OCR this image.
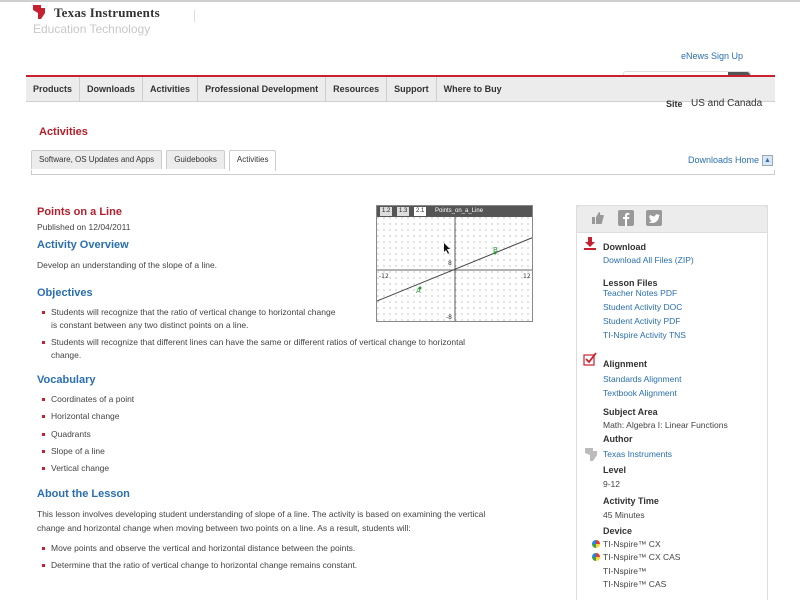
Texas Instruments
Education Technology
eNews Sign Up
Products	Downloads	Activities	Professional Development	Resources	Support	Where to Buy
Site US and Canada
Activities
Software, OS Updates and Apps	Guidebooks	Activities	Downloads Home ▲
Points on a Line
Published on 12/04/2011
Activity Overview
Develop an understanding of the slope of a line.
Objectives
Students will recognize that the ratio of vertical change to horizontal change
is constant between any two distinct points on a line.
Students will recognize that different lines can have the same or different ratios of vertical change to horizontal
change.
Vocabulary
Coordinates of a point
Horizontal change
Quadrants
Slope of a line
Vertical change
About the Lesson
This lesson involves developing student understanding of slope of a line. The activity is based on examining the vertical
change and horizontal change when moving between two points on a line. As a result, students will:
Move points and observe the vertical and horizontal distance between the points.
Determine that the ratio of vertical change to horizontal change remains constant.
1.2	1.3	2.1	Points_on_a_Line
A
B
-12	12
8
-8
Download
Download All Files (ZIP)
Lesson Files
Teacher Notes PDF
Student Activity DOC
Student Activity PDF
TI-Nspire Activity TNS
Alignment
Standards Alignment
Textbook Alignment
Subject Area
Math: Algebra I: Linear Functions
Author
Texas Instruments
Level
9-12
Activity Time
45 Minutes
Device
TI-Nspire™ CX
TI-Nspire™ CX CAS
TI-Nspire™
TI-Nspire™ CAS
